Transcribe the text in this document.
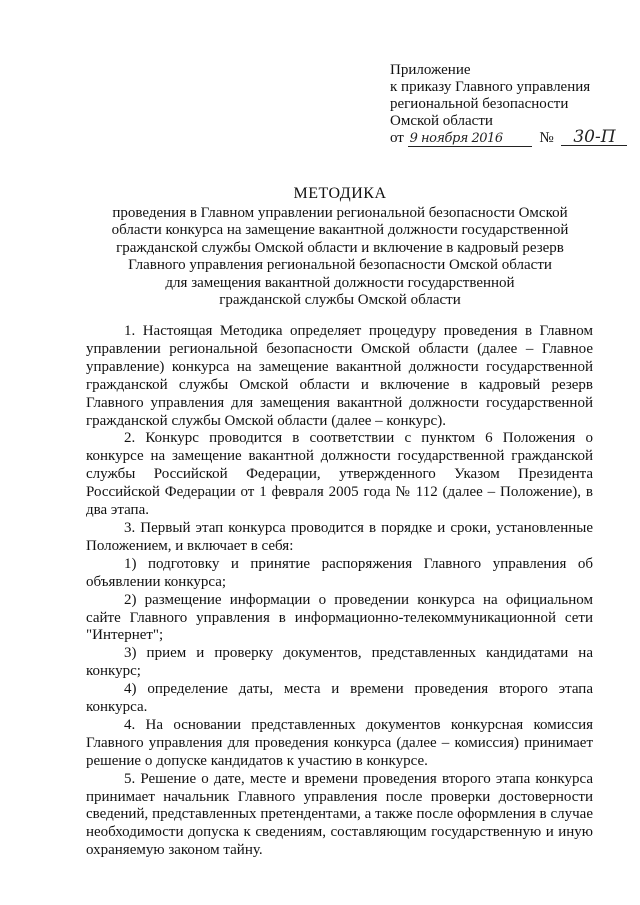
Приложение
к приказу Главного управления
региональной безопасности
Омской области
от 9 ноября 2016 № 30-П
МЕТОДИКА
проведения в Главном управлении региональной безопасности Омской
области конкурса на замещение вакантной должности государственной
гражданской службы Омской области и включение в кадровый резерв
Главного управления региональной безопасности Омской области
для замещения вакантной должности государственной
гражданской службы Омской области

1. Настоящая Методика определяет процедуру проведения в Главном управлении региональной безопасности Омской области (далее – Главное управление) конкурса на замещение вакантной должности государственной гражданской службы Омской области и включение в кадровый резерв Главного управления для замещения вакантной должности государственной гражданской службы Омской области (далее – конкурс).

2. Конкурс проводится в соответствии с пунктом 6 Положения о конкурсе на замещение вакантной должности государственной гражданской службы Российской Федерации, утвержденного Указом Президента Российской Федерации от 1 февраля 2005 года № 112 (далее – Положение), в два этапа.

3. Первый этап конкурса проводится в порядке и сроки, установленные Положением, и включает в себя:

1) подготовку и принятие распоряжения Главного управления об объявлении конкурса;

2) размещение информации о проведении конкурса на официальном сайте Главного управления в информационно-телекоммуникационной сети "Интернет";

3) прием и проверку документов, представленных кандидатами на конкурс;

4) определение даты, места и времени проведения второго этапа конкурса.

4. На основании представленных документов конкурсная комиссия Главного управления для проведения конкурса (далее – комиссия) принимает решение о допуске кандидатов к участию в конкурсе.

5. Решение о дате, месте и времени проведения второго этапа конкурса принимает начальник Главного управления после проверки достоверности сведений, представленных претендентами, а также после оформления в случае необходимости допуска к сведениям, составляющим государственную и иную охраняемую законом тайну.
